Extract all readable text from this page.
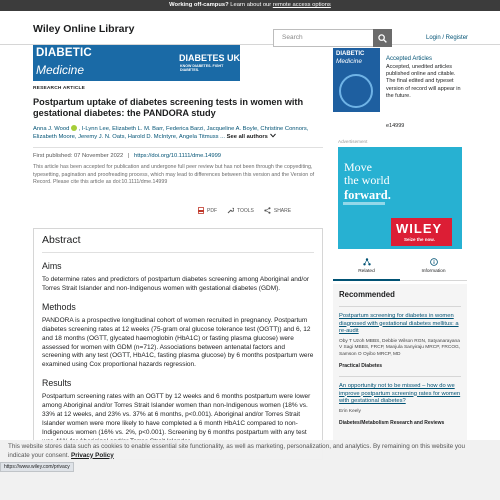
Working off-campus? Learn about our remote access options
Wiley Online Library
Search	Login / Register
DIABETIC
Medicine
DIABETES UK
KNOW DIABETES. FIGHT DIABETES.
RESEARCH ARTICLE
Postpartum uptake of diabetes screening tests in women with gestational diabetes: the PANDORA study
Anna J. Wood , I-Lynn Lee, Elizabeth L. M. Barr, Federica Barzi, Jacqueline A. Boyle, Christine Connors, Elizabeth Moore, Jeremy J. N. Oats, Harold D. McIntyre, Angela Titmuss ... See all authors
First published: 07 November 2022 | https://doi.org/10.1111/dme.14999

This article has been accepted for publication and undergone full peer review but has not been through the copyediting, typesetting, pagination and proofreading process, which may lead to differences between this version and the Version of Record. Please cite this article as doi:10.1111/dme.14999

PDF	TOOLS	SHARE
Abstract
Aims

To determine rates and predictors of postpartum diabetes screening among Aboriginal and/or Torres Strait Islander and non-Indigenous women with gestational diabetes (GDM).

Methods

PANDORA is a prospective longitudinal cohort of women recruited in pregnancy. Postpartum diabetes screening rates at 12 weeks (75-gram oral glucose tolerance test (OGTT)) and 6, 12 and 18 months (OGTT, glycated haemoglobin (HbA1C) or fasting plasma glucose) were assessed for women with GDM (n=712). Associations between antenatal factors and screening with any test (OGTT, HbA1C, fasting plasma glucose) by 6 months postpartum were examined using Cox proportional hazards regression.

Results

Postpartum screening rates with an OGTT by 12 weeks and 6 months postpartum were lower among Aboriginal and/or Torres Strait Islander women than non-Indigenous women (18% vs. 33% at 12 weeks, and 23% vs. 37% at 6 months, p<0.001). Aboriginal and/or Torres Strait Islander women were more likely to have completed a 6 month HbA1C compared to non-Indigenous women (16% vs. 2%, p<0.001). Screening by 6 months postpartum with any test

DIABETIC
Medicine	Accepted Articles
Accepted, unedited articles published online and citable. The final edited and typeset version of record will appear in the future.
e14999
Advertisement
Move
the world
forward.
WILEY
Seize the now.
Related	Information
Recommended
Postpartum screening for diabetes in women diagnosed with gestational diabetes mellitus: a re-audit
Oby T Uzoh MBBS, Debbie Wilson RGN, Satyanarayana V Sagi MBBS, FRCP, Manjula Sanyiraju MRCP, FRCOG, Samson O Oyibo MRCP, MD
Practical Diabetes
An opportunity not to be missed – how do we improve postpartum screening rates for women with gestational diabetes?
Erin Keely
Diabetes/Metabolism Research and Reviews

This website stores data such as cookies to enable essential site functionality, as well as marketing, personalization, and analytics. By remaining on this website you indicate your consent. Privacy Policy

https://www.wiley.com/privacy
